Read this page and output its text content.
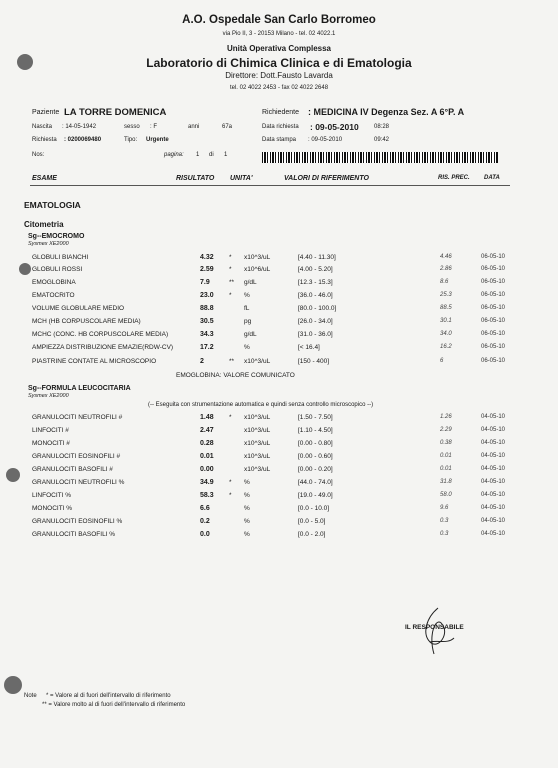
A.O. Ospedale San Carlo Borromeo
via Pio II, 3 - 20153 Milano - tel. 02 4022.1
Unità Operativa Complessa
Laboratorio di Chimica Clinica e di Ematologia
Direttore: Dott.Fausto Lavarda
tel. 02 4022 2453 - fax 02 4022 2648
Paziente LA TORRE DOMENICA
Nascita : 14-05-1942	sesso : F	anni	67a
Richiesta : 0200069480	Tipo: Urgente
Nos:	pagina: 1 di 1
Richiedente : MEDICINA IV Degenza Sez. A 6°P. A
Data richiesta : 09-05-2010	08:28
Data stampa : 09-05-2010	09:42
ESAME	RISULTATO UNITA'	VALORI DI RIFERIMENTO	RIS. PREC. DATA
EMATOLOGIA
Citometria
Sg--EMOCROMO
Sysmex XE2000
GLOBULI BIANCHI	4.32 * x10^3/uL	[4.40 - 11.30]	4.46	06-05-10
GLOBULI ROSSI	2.59 * x10^6/uL	[4.00 - 5.20]	2.86	06-05-10
EMOGLOBINA	7.9	** g/dL	[12.3 - 15.3]	8.6	06-05-10
EMATOCRITO	23.0 * %	[36.0 - 46.0]	25.3	06-05-10
VOLUME GLOBULARE MEDIO	88.8	fL	[80.0 - 100.0]	88.5	06-05-10
MCH (HB CORPUSCOLARE MEDIA)	30.5	pg	[26.0 - 34.0]	30.1	06-05-10
MCHC (CONC. HB CORPUSCOLARE MEDIA)	34.3	g/dL	[31.0 - 36.0]	34.0	06-05-10
AMPIEZZA DISTRIBUZIONE EMAZIE(RDW-CV)	17.2	%	[< 16.4]	16.2	06-05-10
PIASTRINE CONTATE AL MICROSCOPIO	2	** x10^3/uL	[150 - 400]	6	06-05-10
EMOGLOBINA: VALORE COMUNICATO
Sg--FORMULA LEUCOCITARIA
Sysmex XE2000
(-- Eseguita con strumentazione automatica e quindi senza controllo microscopico --)
GRANULOCITI NEUTROFILI #	1.48 * x10^3/uL	[1.50 - 7.50]	1.26	04-05-10
LINFOCITI #	2.47	x10^3/uL	[1.10 - 4.50]	2.29	04-05-10
MONOCITI #	0.28	x10^3/uL	[0.00 - 0.80]	0.38	04-05-10
GRANULOCITI EOSINOFILI #	0.01	x10^3/uL	[0.00 - 0.60]	0.01	04-05-10
GRANULOCITI BASOFILI #	0.00	x10^3/uL	[0.00 - 0.20]	0.01	04-05-10
GRANULOCITI NEUTROFILI %	34.9 * %	[44.0 - 74.0]	31.8	04-05-10
LINFOCITI %	58.3 * %	[19.0 - 49.0]	58.0	04-05-10
MONOCITI %	6.6	%	[0.0 - 10.0]	9.6	04-05-10
GRANULOCITI EOSINOFILI %	0.2	%	[0.0 - 5.0]	0.3	04-05-10
GRANULOCITI BASOFILI %	0.0	%	[0.0 - 2.0]	0.3	04-05-10
IL RESPONSABILE
Note * = Valore al di fuori dell'intervallo di riferimento
** = Valore molto al di fuori dell'intervallo di riferimento
